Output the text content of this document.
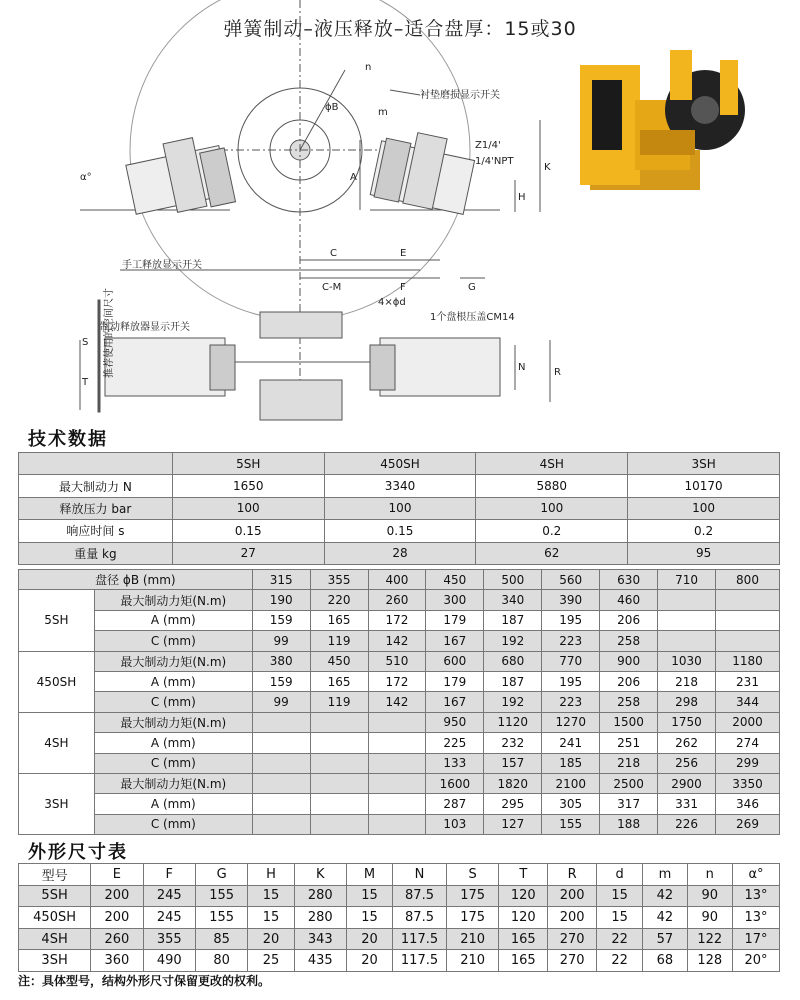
弹簧制动–液压释放–适合盘厚：15或30
衬垫磨损显示开关
手工释放显示开关
制动释放器显示开关
4×ϕd
1个盘根压盖CM14
Z1/4'
1/4'NPT
ϕB
α°	A
K
H
C
C-M
E
F	G
N	R
S
T
n
m
推荐使用的空间尺寸
技术数据
	5SH	450SH	4SH	3SH
最大制动力 N	1650	3340	5880	10170
释放压力 bar	100	100	100	100
响应时间 s	0.15	0.15	0.2	0.2
重量 kg	27	28	62	95
盘径 ϕB (mm)		315	355	400	450	500	560	630	710	800
5SH	最大制动力矩(N.m)	190	220	260	300	340	390	460		
	A (mm)	159	165	172	179	187	195	206		
	C (mm)	99	119	142	167	192	223	258		
450SH	最大制动力矩(N.m)	380	450	510	600	680	770	900	1030	1180
	A (mm)	159	165	172	179	187	195	206	218	231
	C (mm)	99	119	142	167	192	223	258	298	344
4SH	最大制动力矩(N.m)				950	1120	1270	1500	1750	2000
	A (mm)				225	232	241	251	262	274
	C (mm)				133	157	185	218	256	299
3SH	最大制动力矩(N.m)				1600	1820	2100	2500	2900	3350
	A (mm)				287	295	305	317	331	346
	C (mm)				103	127	155	188	226	269
外形尺寸表
型号	E	F	G	H	K	M	N	S	T	R	d	m	n	α°
5SH	200	245	155	15	280	15	87.5	175	120	200	15	42	90	13°
450SH	200	245	155	15	280	15	87.5	175	120	200	15	42	90	13°
4SH	260	355	85	20	343	20	117.5	210	165	270	22	57	122	17°
3SH	360	490	80	25	435	20	117.5	210	165	270	22	68	128	20°
注：具体型号，结构外形尺寸保留更改的权利。
